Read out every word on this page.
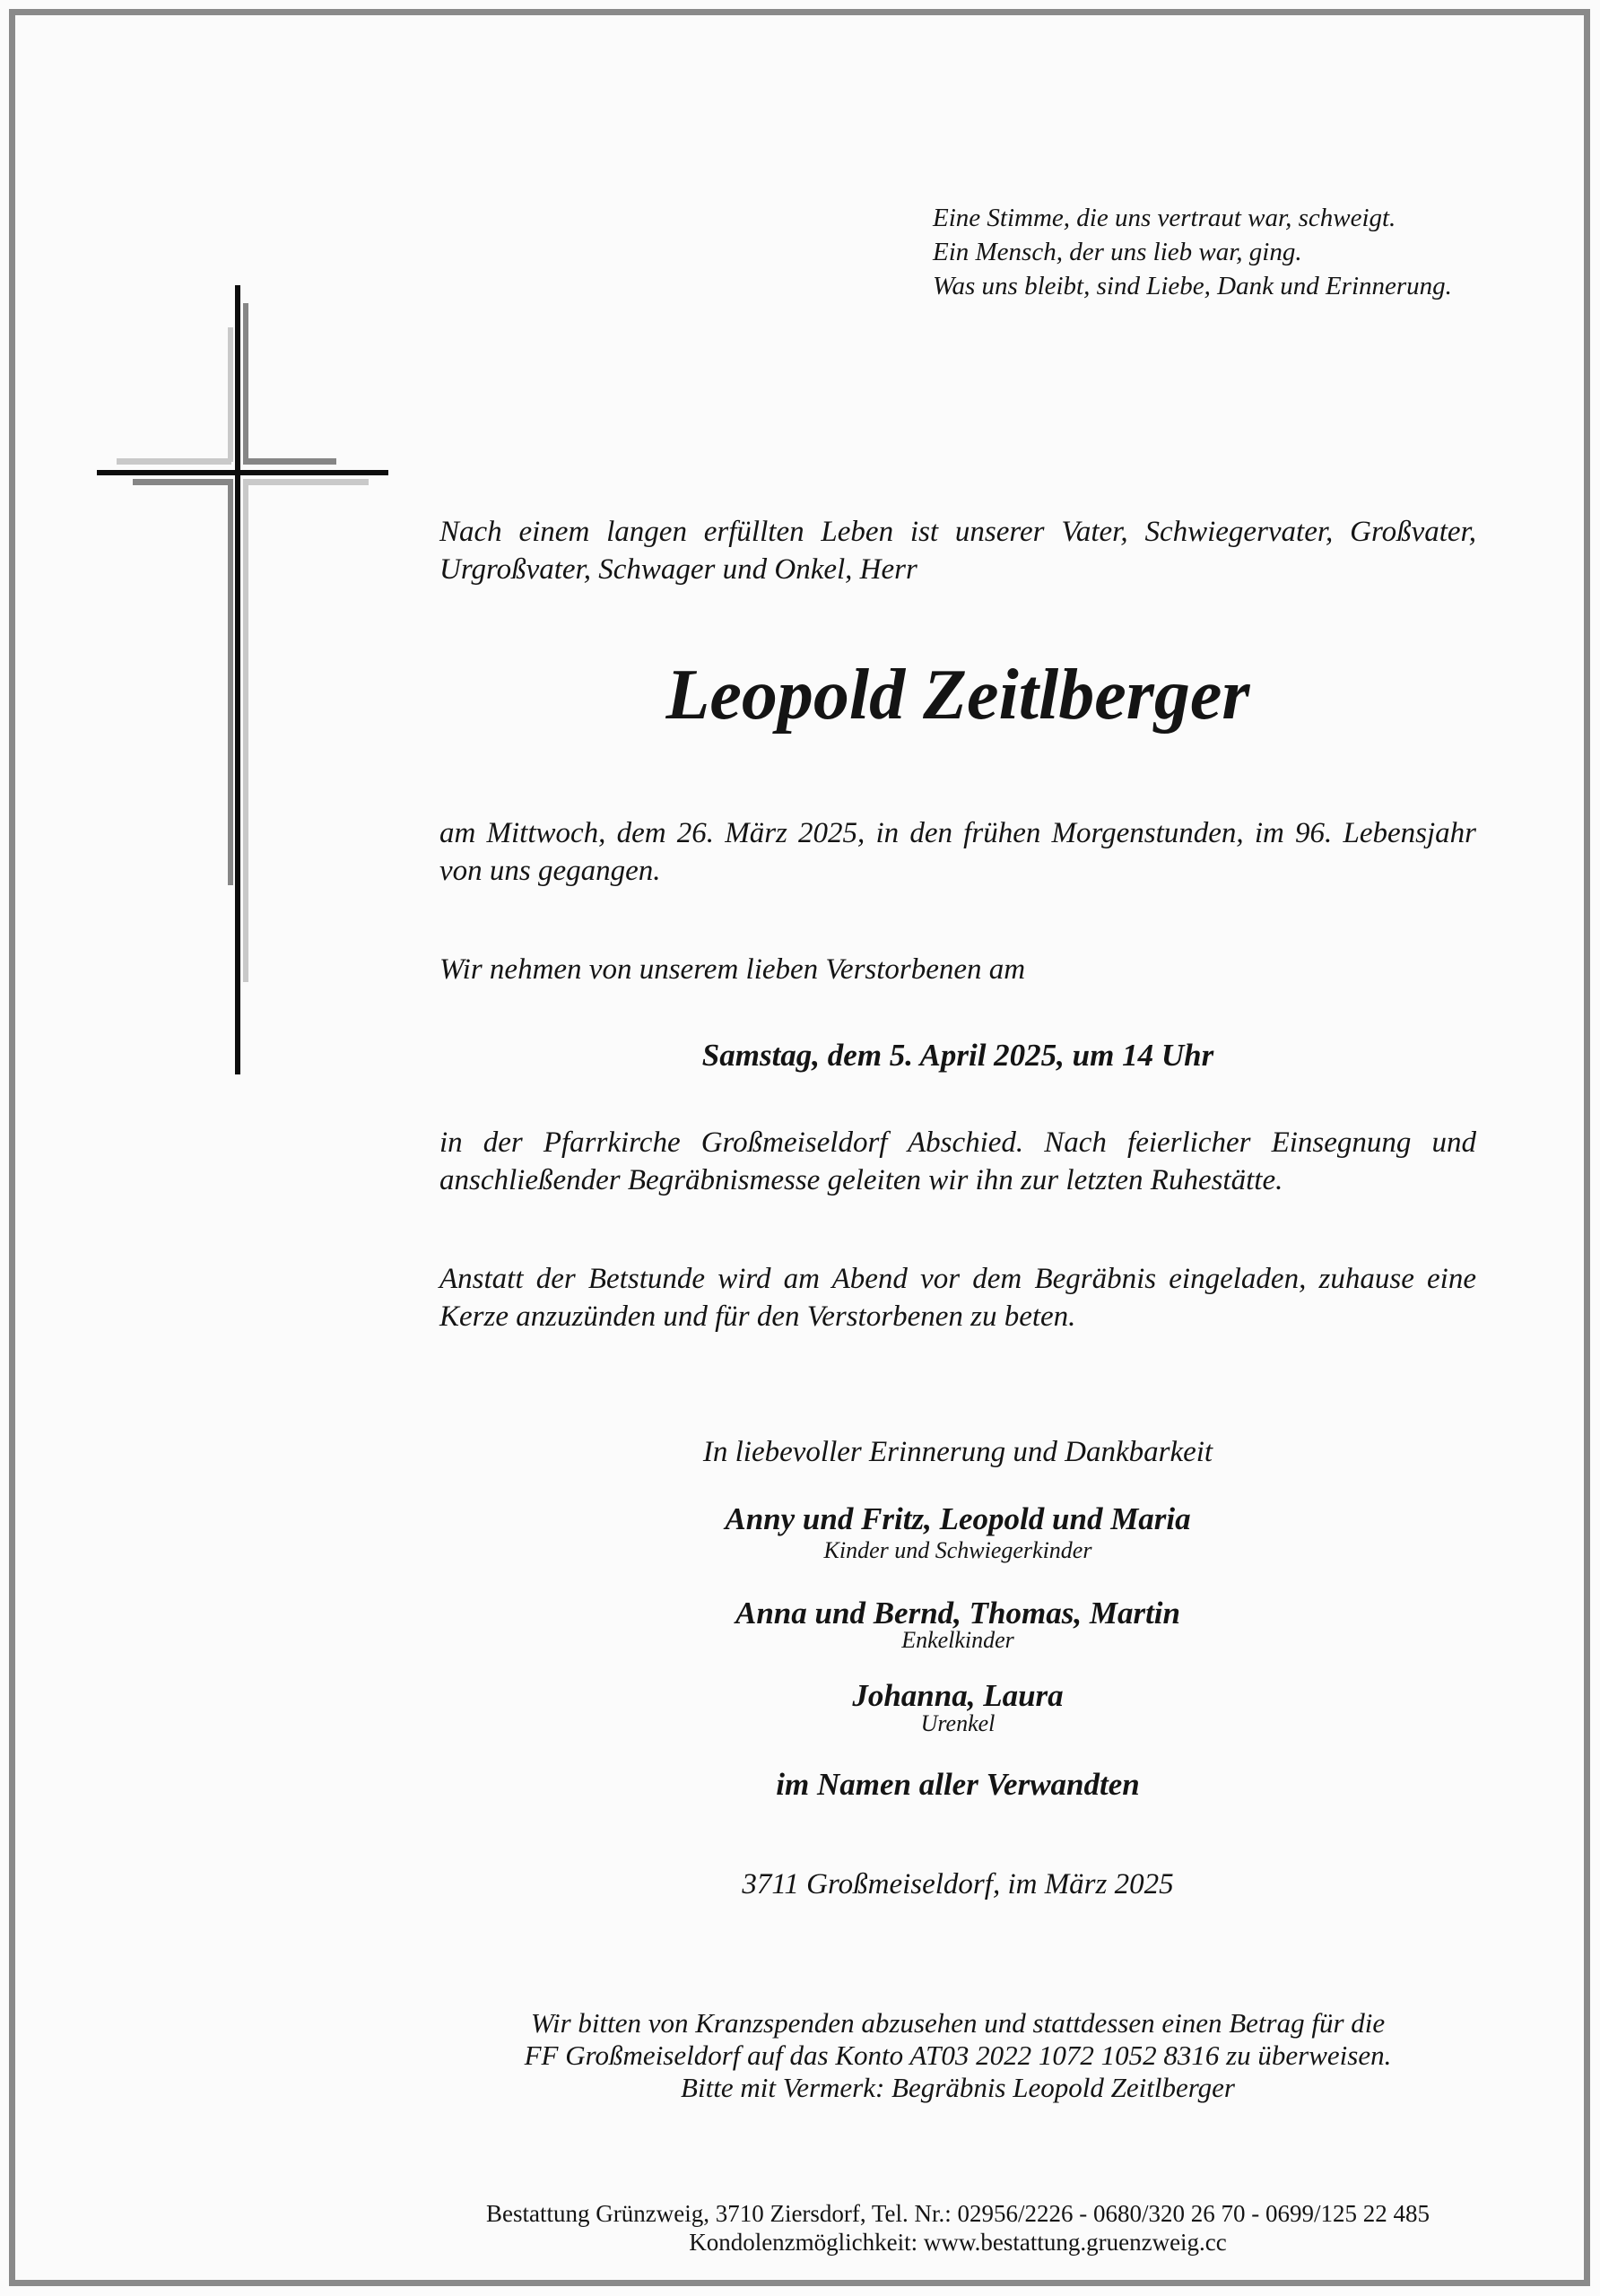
Eine Stimme, die uns vertraut war, schweigt.
Ein Mensch, der uns lieb war, ging.
Was uns bleibt, sind Liebe, Dank und Erinnerung.
Nach einem langen erfüllten Leben ist unserer Vater, Schwiegervater, Großvater,
Urgroßvater, Schwager und Onkel, Herr
Leopold Zeitlberger
am Mittwoch, dem 26. März 2025, in den frühen Morgenstunden, im 96. Lebensjahr
von uns gegangen.
Wir nehmen von unserem lieben Verstorbenen am
Samstag, dem 5. April 2025, um 14 Uhr
in der Pfarrkirche Großmeiseldorf Abschied. Nach feierlicher Einsegnung und
anschließender Begräbnismesse geleiten wir ihn zur letzten Ruhestätte.
Anstatt der Betstunde wird am Abend vor dem Begräbnis eingeladen, zuhause eine
Kerze anzuzünden und für den Verstorbenen zu beten.
In liebevoller Erinnerung und Dankbarkeit
Anny und Fritz, Leopold und Maria
Kinder und Schwiegerkinder
Anna und Bernd, Thomas, Martin
Enkelkinder
Johanna, Laura
Urenkel
im Namen aller Verwandten
3711 Großmeiseldorf, im März 2025
Wir bitten von Kranzspenden abzusehen und stattdessen einen Betrag für die
FF Großmeiseldorf auf das Konto AT03 2022 1072 1052 8316 zu überweisen.
Bitte mit Vermerk: Begräbnis Leopold Zeitlberger
Bestattung Grünzweig, 3710 Ziersdorf, Tel. Nr.: 02956/2226 - 0680/320 26 70 - 0699/125 22 485
Kondolenzmöglichkeit: www.bestattung.gruenzweig.cc
